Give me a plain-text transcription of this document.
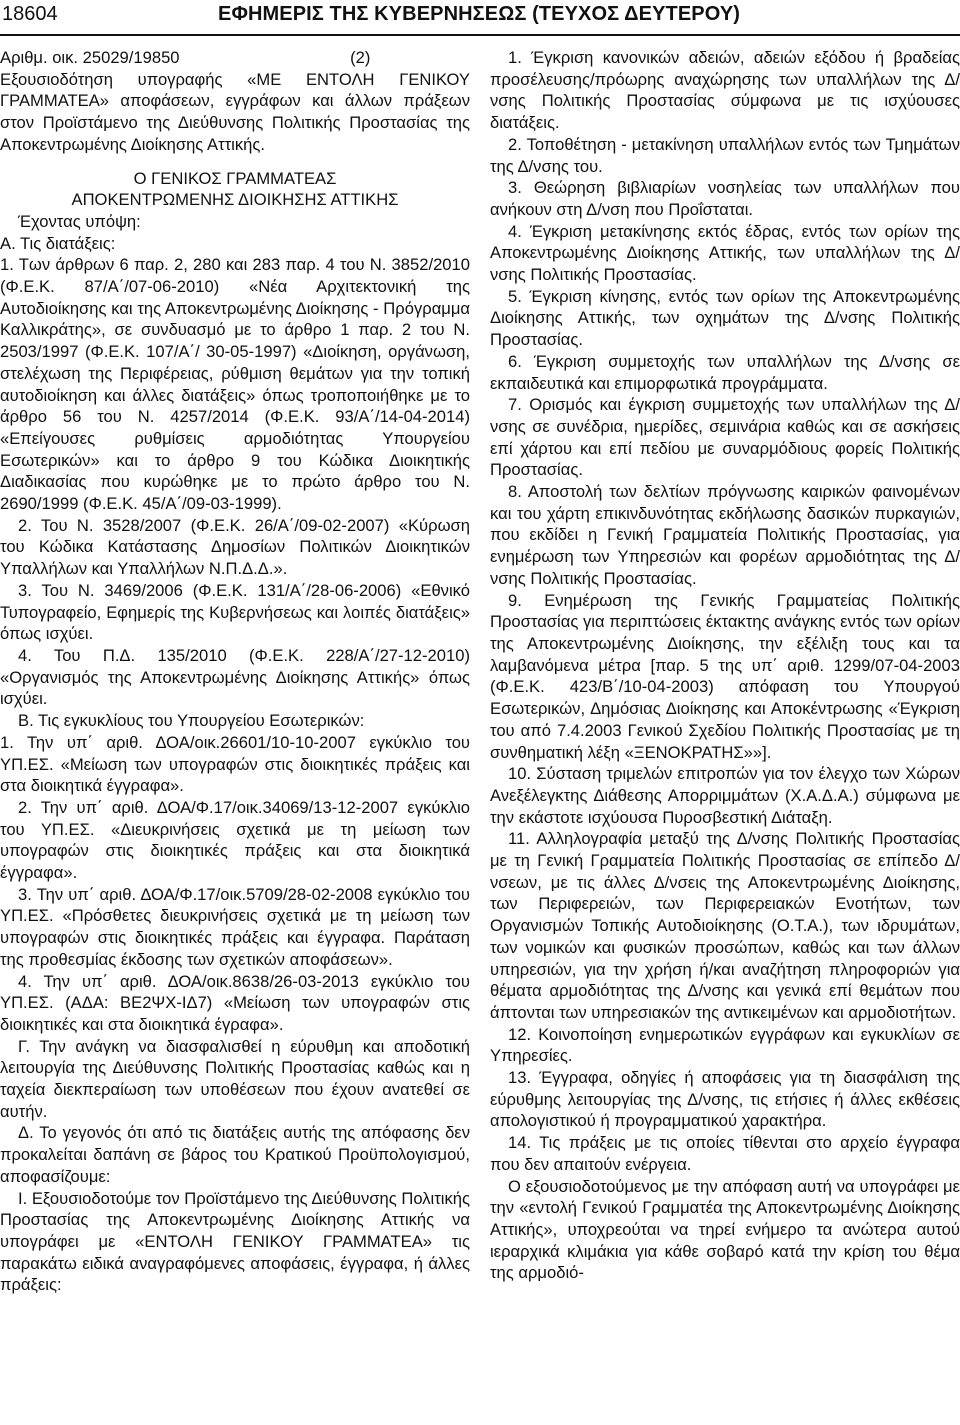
18604	ΕΦΗΜΕΡΙΣ ΤΗΣ ΚΥΒΕΡΝΗΣΕΩΣ (ΤΕΥΧΟΣ ΔΕΥΤΕΡΟΥ)

Αριθμ. οικ. 25029/19850                                     (2)

Εξουσιοδότηση υπογραφής «ΜΕ ΕΝΤΟΛΗ ΓΕΝΙΚΟΥ ΓΡΑΜΜΑΤΕΑ» αποφάσεων, εγγράφων και άλλων πράξεων στον Προϊστάμενο της Διεύθυνσης Πολιτικής Προστασίας της Αποκεντρωμένης Διοίκησης Αττικής.

Ο ΓΕΝΙΚΟΣ ΓΡΑΜΜΑΤΕΑΣ

ΑΠΟΚΕΝΤΡΩΜΕΝΗΣ ΔΙΟΙΚΗΣΗΣ ΑΤΤΙΚΗΣ

Έχοντας υπόψη:

Α. Τις διατάξεις:

1. Των άρθρων 6 παρ. 2, 280 και 283 παρ. 4 του Ν. 3852/2010 (Φ.Ε.Κ. 87/Α΄/07-06-2010) «Νέα Αρχιτεκτονική της Αυτοδιοίκησης και της Αποκεντρωμένης Διοίκησης - Πρόγραμμα Καλλικράτης», σε συνδυασμό με το άρθρο 1 παρ. 2 του Ν. 2503/1997 (Φ.Ε.Κ. 107/Α΄/ 30-05-1997) «Διοίκηση, οργάνωση, στελέχωση της Περιφέρειας, ρύθμιση θεμάτων για την τοπική αυτοδιοίκηση και άλλες διατάξεις» όπως τροποποιήθηκε με το άρθρο 56 του Ν. 4257/2014 (Φ.Ε.Κ. 93/Α΄/14-04-2014) «Επείγουσες ρυθμίσεις αρμοδιότητας Υπουργείου Εσωτερικών» και το άρθρο 9 του Κώδικα Διοικητικής Διαδικασίας που κυρώθηκε με το πρώτο άρθρο του Ν. 2690/1999 (Φ.Ε.Κ. 45/Α΄/09-03-1999).

2. Του Ν. 3528/2007 (Φ.Ε.Κ. 26/Α΄/09-02-2007) «Κύρωση του Κώδικα Κατάστασης Δημοσίων Πολιτικών Διοικητικών Υπαλλήλων και Υπαλλήλων Ν.Π.Δ.Δ.».

3. Του Ν. 3469/2006 (Φ.Ε.Κ. 131/Α΄/28-06-2006) «Εθνικό Τυπογραφείο, Εφημερίς της Κυβερνήσεως και λοιπές διατάξεις» όπως ισχύει.

4. Του Π.Δ. 135/2010 (Φ.Ε.Κ. 228/Α΄/27-12-2010) «Οργανισμός της Αποκεντρωμένης Διοίκησης Αττικής» όπως ισχύει.

Β. Τις εγκυκλίους του Υπουργείου Εσωτερικών:

1. Την υπ΄ αριθ. ΔΟΑ/οικ.26601/10-10-2007 εγκύκλιο του ΥΠ.ΕΣ. «Μείωση των υπογραφών στις διοικητικές πράξεις και στα διοικητικά έγγραφα».

2. Την υπ΄ αριθ. ΔΟΑ/Φ.17/οικ.34069/13-12-2007 εγκύκλιο του ΥΠ.ΕΣ. «Διευκρινήσεις σχετικά με τη μείωση των υπογραφών στις διοικητικές πράξεις και στα διοικητικά έγγραφα».

3. Την υπ΄ αριθ. ΔΟΑ/Φ.17/οικ.5709/28-02-2008 εγκύκλιο του ΥΠ.ΕΣ. «Πρόσθετες διευκρινήσεις σχετικά με τη μείωση των υπογραφών στις διοικητικές πράξεις και έγγραφα. Παράταση της προθεσμίας έκδοσης των σχετικών αποφάσεων».

4. Την υπ΄ αριθ. ΔΟΑ/οικ.8638/26-03-2013 εγκύκλιο του ΥΠ.ΕΣ. (ΑΔΑ: ΒΕ2ΨΧ-ΙΔ7) «Μείωση των υπογραφών στις διοικητικές και στα διοικητικά έγραφα».

Γ. Την ανάγκη να διασφαλισθεί η εύρυθμη και αποδοτική λειτουργία της Διεύθυνσης Πολιτικής Προστασίας καθώς και η ταχεία διεκπεραίωση των υποθέσεων που έχουν ανατεθεί σε αυτήν.

Δ. Το γεγονός ότι από τις διατάξεις αυτής της απόφασης δεν προκαλείται δαπάνη σε βάρος του Κρατικού Προϋπολογισμού, αποφασίζουμε:

Ι. Εξουσιοδοτούμε τον Προϊστάμενο της Διεύθυνσης Πολιτικής Προστασίας της Αποκεντρωμένης Διοίκησης Αττικής να υπογράφει με «ΕΝΤΟΛΗ ΓΕΝΙΚΟΥ ΓΡΑΜΜΑΤΕΑ» τις παρακάτω ειδικά αναγραφόμενες αποφάσεις, έγγραφα, ή άλλες πράξεις:

1. Έγκριση κανονικών αδειών, αδειών εξόδου ή βραδείας προσέλευσης/πρόωρης αναχώρησης των υπαλλήλων της Δ/νσης Πολιτικής Προστασίας σύμφωνα με τις ισχύουσες διατάξεις.

2. Τοποθέτηση - μετακίνηση υπαλλήλων εντός των Τμημάτων της Δ/νσης του.

3. Θεώρηση βιβλιαρίων νοσηλείας των υπαλλήλων που ανήκουν στη Δ/νση που Προΐσταται.

4. Έγκριση μετακίνησης εκτός έδρας, εντός των ορίων της Αποκεντρωμένης Διοίκησης Αττικής, των υπαλλήλων της Δ/νσης Πολιτικής Προστασίας.

5. Έγκριση κίνησης, εντός των ορίων της Αποκεντρωμένης Διοίκησης Αττικής, των οχημάτων της Δ/νσης Πολιτικής Προστασίας.

6. Έγκριση συμμετοχής των υπαλλήλων της Δ/νσης σε εκπαιδευτικά και επιμορφωτικά προγράμματα.

7. Ορισμός και έγκριση συμμετοχής των υπαλλήλων της Δ/νσης σε συνέδρια, ημερίδες, σεμινάρια καθώς και σε ασκήσεις επί χάρτου και επί πεδίου με συναρμόδιους φορείς Πολιτικής Προστασίας.

8. Αποστολή των δελτίων πρόγνωσης καιρικών φαινομένων και του χάρτη επικινδυνότητας εκδήλωσης δασικών πυρκαγιών, που εκδίδει η Γενική Γραμματεία Πολιτικής Προστασίας, για ενημέρωση των Υπηρεσιών και φορέων αρμοδιότητας της Δ/νσης Πολιτικής Προστασίας.

9. Ενημέρωση της Γενικής Γραμματείας Πολιτικής Προστασίας για περιπτώσεις έκτακτης ανάγκης εντός των ορίων της Αποκεντρωμένης Διοίκησης, την εξέλιξη τους και τα λαμβανόμενα μέτρα [παρ. 5 της υπ΄ αριθ. 1299/07-04-2003 (Φ.Ε.Κ. 423/Β΄/10-04-2003) απόφαση του Υπουργού Εσωτερικών, Δημόσιας Διοίκησης και Αποκέντρωσης «Έγκριση του από 7.4.2003 Γενικού Σχεδίου Πολιτικής Προστασίας με τη συνθηματική λέξη «ΞΕΝΟΚΡΑΤΗΣ»»].

10. Σύσταση τριμελών επιτροπών για τον έλεγχο των Χώρων Ανεξέλεγκτης Διάθεσης Απορριμμάτων (Χ.Α.Δ.Α.) σύμφωνα με την εκάστοτε ισχύουσα Πυροσβεστική Διάταξη.

11. Αλληλογραφία μεταξύ της Δ/νσης Πολιτικής Προστασίας με τη Γενική Γραμματεία Πολιτικής Προστασίας σε επίπεδο Δ/νσεων, με τις άλλες Δ/νσεις της Αποκεντρωμένης Διοίκησης, των Περιφερειών, των Περιφερειακών Ενοτήτων, των Οργανισμών Τοπικής Αυτοδιοίκησης (Ο.Τ.Α.), των ιδρυμάτων, των νομικών και φυσικών προσώπων, καθώς και των άλλων υπηρεσιών, για την χρήση ή/και αναζήτηση πληροφοριών για θέματα αρμοδιότητας της Δ/νσης και γενικά επί θεμάτων που άπτονται των υπηρεσιακών της αντικειμένων και αρμοδιοτήτων.

12. Κοινοποίηση ενημερωτικών εγγράφων και εγκυκλίων σε Υπηρεσίες.

13. Έγγραφα, οδηγίες ή αποφάσεις για τη διασφάλιση της εύρυθμης λειτουργίας της Δ/νσης, τις ετήσιες ή άλλες εκθέσεις απολογιστικού ή προγραμματικού χαρακτήρα.

14. Τις πράξεις με τις οποίες τίθενται στο αρχείο έγγραφα που δεν απαιτούν ενέργεια.

Ο εξουσιοδοτούμενος με την απόφαση αυτή να υπογράφει με την «εντολή Γενικού Γραμματέα της Αποκεντρωμένης Διοίκησης Αττικής», υποχρεούται να τηρεί ενήμερο τα ανώτερα αυτού ιεραρχικά κλιμάκια για κάθε σοβαρό κατά την κρίση του θέμα της αρμοδιό-
